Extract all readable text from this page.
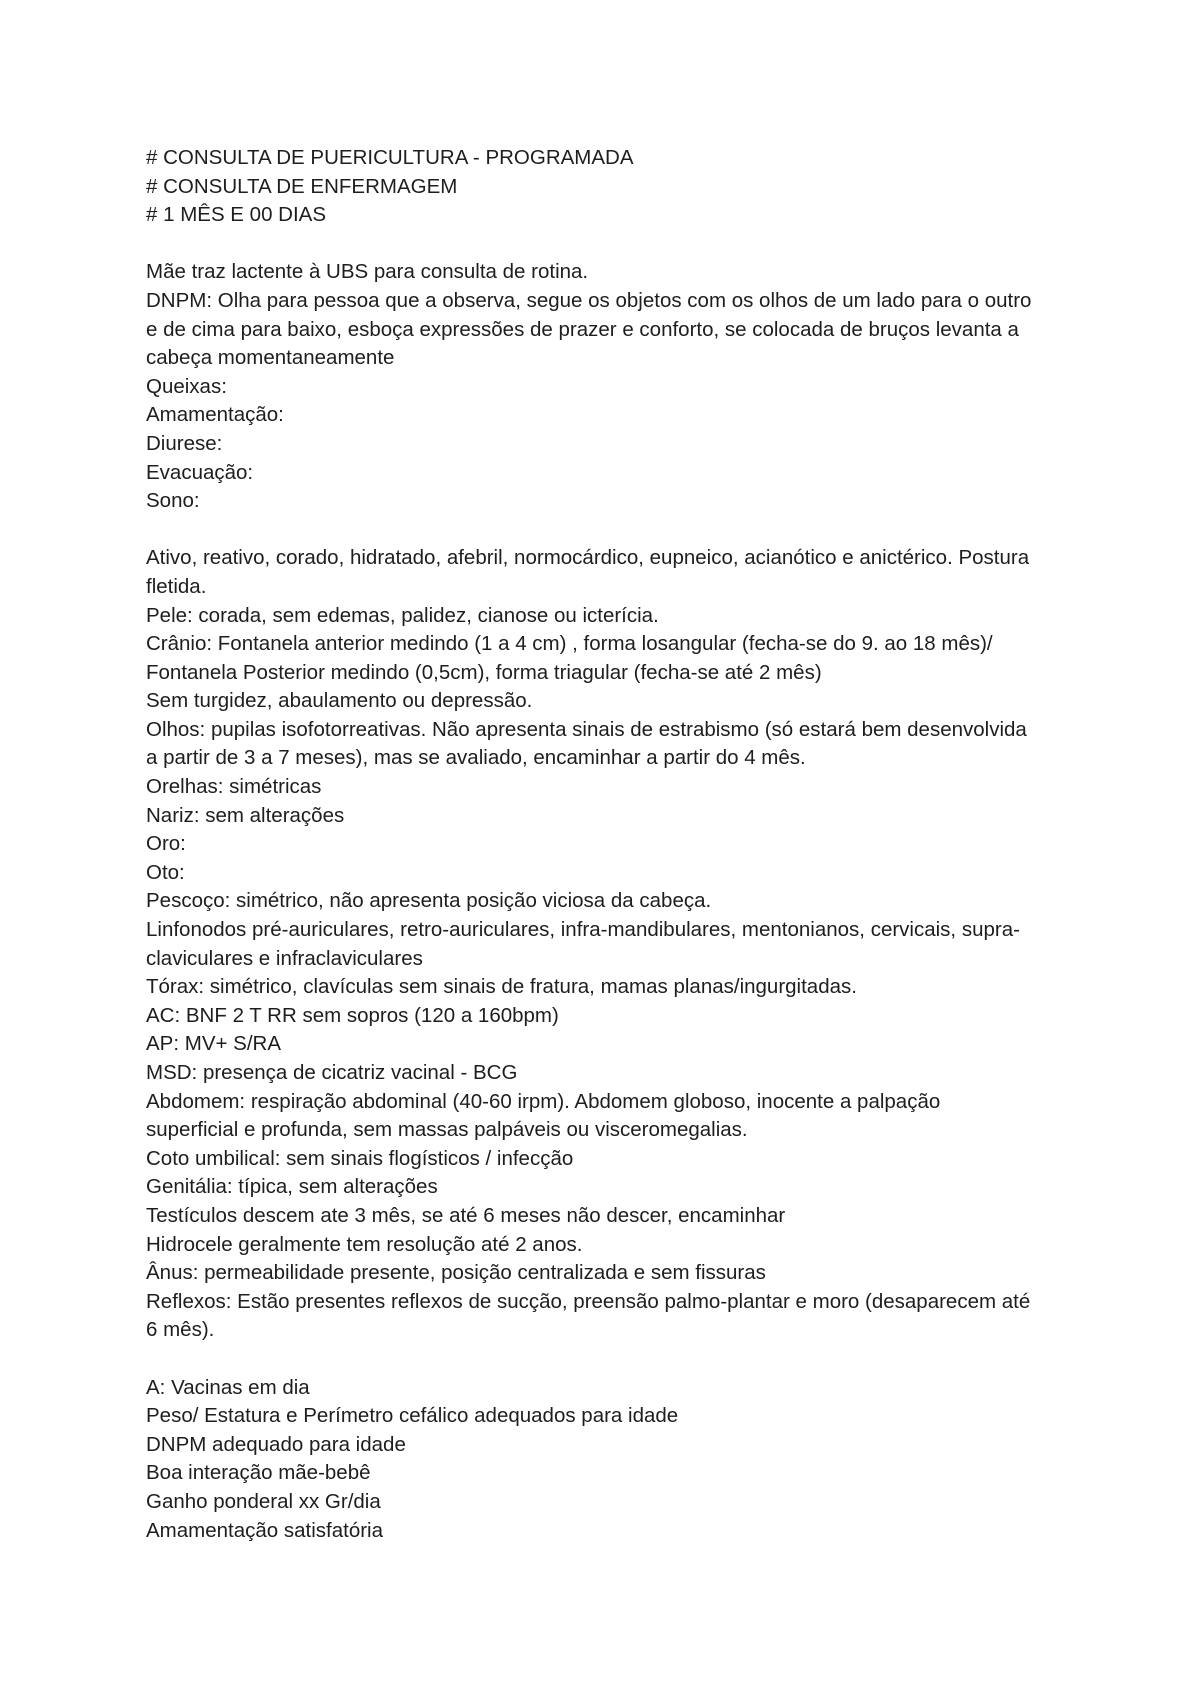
# CONSULTA DE PUERICULTURA - PROGRAMADA
# CONSULTA DE ENFERMAGEM
# 1 MÊS E 00 DIAS
Mãe traz lactente à UBS para consulta de rotina.
DNPM: Olha para pessoa que a observa, segue os objetos com os olhos de um lado para o outro
e de cima para baixo, esboça expressões de prazer e conforto, se colocada de bruços levanta a
cabeça momentaneamente
Queixas:
Amamentação:
Diurese:
Evacuação:
Sono:
Ativo, reativo, corado, hidratado, afebril, normocárdico, eupneico, acianótico e anictérico. Postura
fletida.
Pele: corada, sem edemas, palidez, cianose ou icterícia.
Crânio: Fontanela anterior medindo (1 a 4 cm) , forma losangular (fecha-se do 9. ao 18 mês)/
Fontanela Posterior medindo (0,5cm), forma triagular (fecha-se até 2 mês)
Sem turgidez, abaulamento ou depressão.
Olhos: pupilas isofotorreativas. Não apresenta sinais de estrabismo (só estará bem desenvolvida
a partir de 3 a 7 meses), mas se avaliado, encaminhar a partir do 4 mês.
Orelhas: simétricas
Nariz: sem alterações
Oro:
Oto:
Pescoço: simétrico, não apresenta posição viciosa da cabeça.
Linfonodos pré-auriculares, retro-auriculares, infra-mandibulares, mentonianos, cervicais, supra-
claviculares e infraclaviculares
Tórax: simétrico, clavículas sem sinais de fratura, mamas planas/ingurgitadas.
AC: BNF 2 T RR sem sopros (120 a 160bpm)
AP: MV+ S/RA
MSD: presença de cicatriz vacinal - BCG
Abdomem: respiração abdominal (40-60 irpm). Abdomem globoso, inocente a palpação
superficial e profunda, sem massas palpáveis ou visceromegalias.
Coto umbilical: sem sinais flogísticos / infecção
Genitália: típica, sem alterações
Testículos descem ate 3 mês, se até 6 meses não descer, encaminhar
Hidrocele geralmente tem resolução até 2 anos.
Ânus: permeabilidade presente, posição centralizada e sem fissuras
Reflexos: Estão presentes reflexos de sucção, preensão palmo-plantar e moro (desaparecem até
6 mês).
A: Vacinas em dia
Peso/ Estatura e Perímetro cefálico adequados para idade
DNPM adequado para idade
Boa interação mãe-bebê
Ganho ponderal xx Gr/dia
Amamentação satisfatória
